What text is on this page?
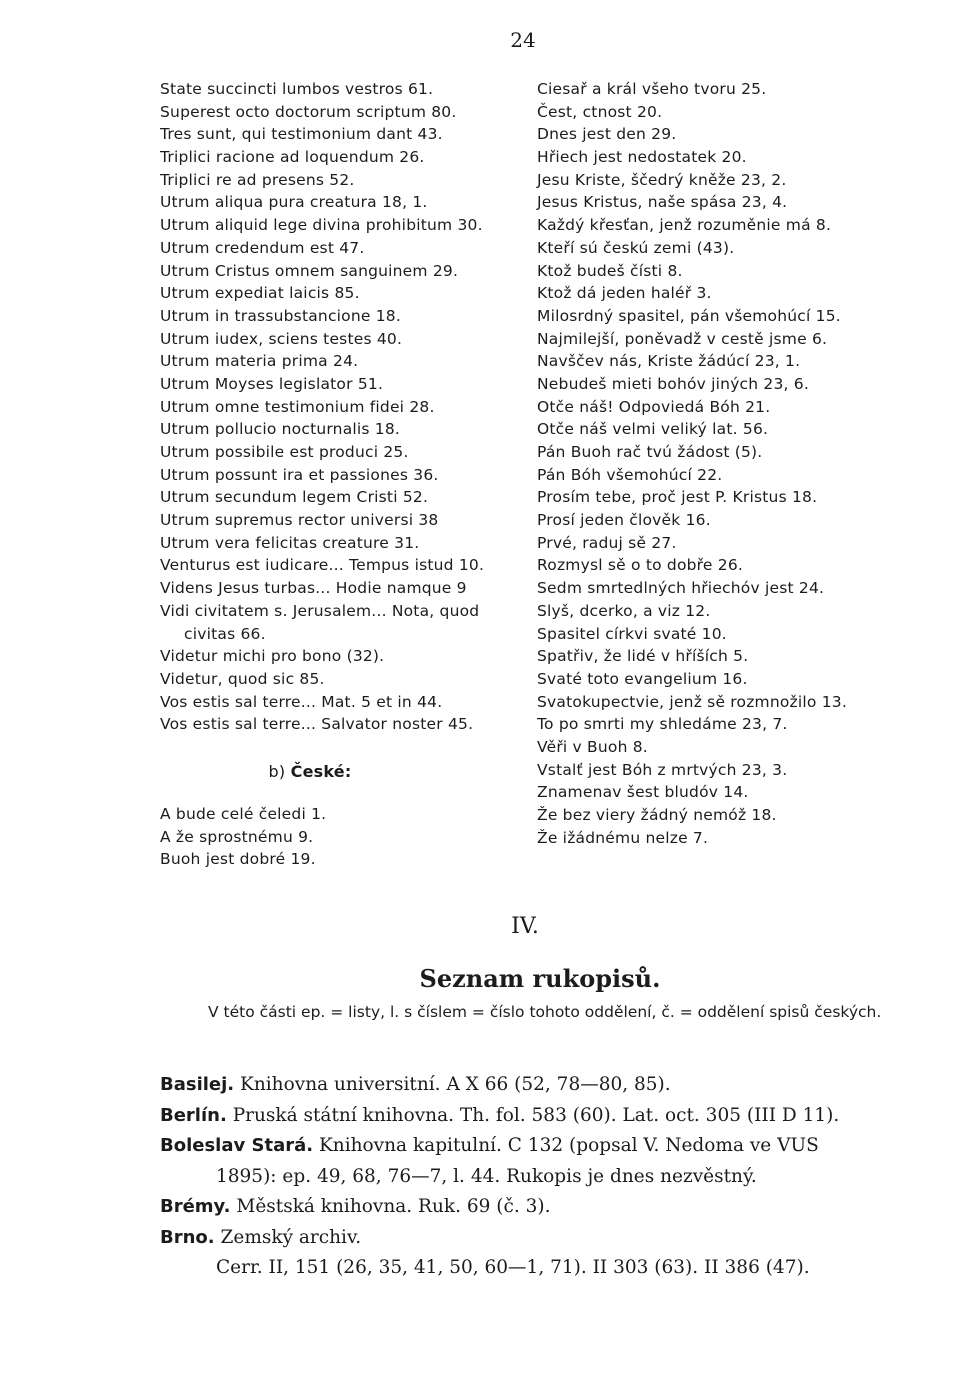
24
State succincti lumbos vestros 61.
Superest octo doctorum scriptum 80.
Tres sunt, qui testimonium dant 43.
Triplici racione ad loquendum 26.
Triplici re ad presens 52.
Utrum aliqua pura creatura 18, 1.
Utrum aliquid lege divina prohibitum 30.
Utrum credendum est 47.
Utrum Cristus omnem sanguinem 29.
Utrum expediat laicis 85.
Utrum in trassubstancione 18.
Utrum iudex, sciens testes 40.
Utrum materia prima 24.
Utrum Moyses legislator 51.
Utrum omne testimonium fidei 28.
Utrum pollucio nocturnalis 18.
Utrum possibile est produci 25.
Utrum possunt ira et passiones 36.
Utrum secundum legem Cristi 52.
Utrum supremus rector universi 38
Utrum vera felicitas creature 31.
Venturus est iudicare... Tempus istud 10.
Videns Jesus turbas... Hodie namque 9
Vidi civitatem s. Jerusalem... Nota, quod
civitas 66.
Videtur michi pro bono (32).
Videtur, quod sic 85.
Vos estis sal terre... Mat. 5 et in 44.
Vos estis sal terre... Salvator noster 45.
b) České:
A bude celé čeledi 1.
A že sprostnému 9.
Buoh jest dobré 19.
Ciesař a král všeho tvoru 25.
Čest, ctnost 20.
Dnes jest den 29.
Hřiech jest nedostatek 20.
Jesu Kriste, ščedrý kněže 23, 2.
Jesus Kristus, naše spása 23, 4.
Každý křesťan, jenž rozuměnie má 8.
Kteří sú českú zemi (43).
Ktož budeš čísti 8.
Ktož dá jeden haléř 3.
Milosrdný spasitel, pán všemohúcí 15.
Najmilejší, poněvadž v cestě jsme 6.
Navščev nás, Kriste žádúcí 23, 1.
Nebudeš mieti bohóv jiných 23, 6.
Otče náš! Odpoviedá Bóh 21.
Otče náš velmi veliký lat. 56.
Pán Buoh rač tvú žádost (5).
Pán Bóh všemohúcí 22.
Prosím tebe, proč jest P. Kristus 18.
Prosí jeden člověk 16.
Prvé, raduj sě 27.
Rozmysl sě o to dobře 26.
Sedm smrtedlných hřiechóv jest 24.
Slyš, dcerko, a viz 12.
Spasitel církvi svaté 10.
Spatřiv, že lidé v hříších 5.
Svaté toto evangelium 16.
Svatokupectvie, jenž sě rozmnožilo 13.
To po smrti my shledáme 23, 7.
Věři v Buoh 8.
Vstalť jest Bóh z mrtvých 23, 3.
Znamenav šest bludóv 14.
Že bez viery žádný nemóž 18.
Že ižádnému nelze 7.
IV.
Seznam rukopisů.
V této části ep. = listy, l. s číslem = číslo tohoto oddělení, č. = oddělení spisů českých.
Basilej. Knihovna universitní. A X 66 (52, 78—80, 85).
Berlín. Pruská státní knihovna. Th. fol. 583 (60). Lat. oct. 305 (III D 11).
Boleslav Stará. Knihovna kapitulní. C 132 (popsal V. Nedoma ve VUS
1895): ep. 49, 68, 76—7, l. 44. Rukopis je dnes nezvěstný.
Brémy. Městská knihovna. Ruk. 69 (č. 3).
Brno. Zemský archiv.
Cerr. II, 151 (26, 35, 41, 50, 60—1, 71). II 303 (63). II 386 (47).
